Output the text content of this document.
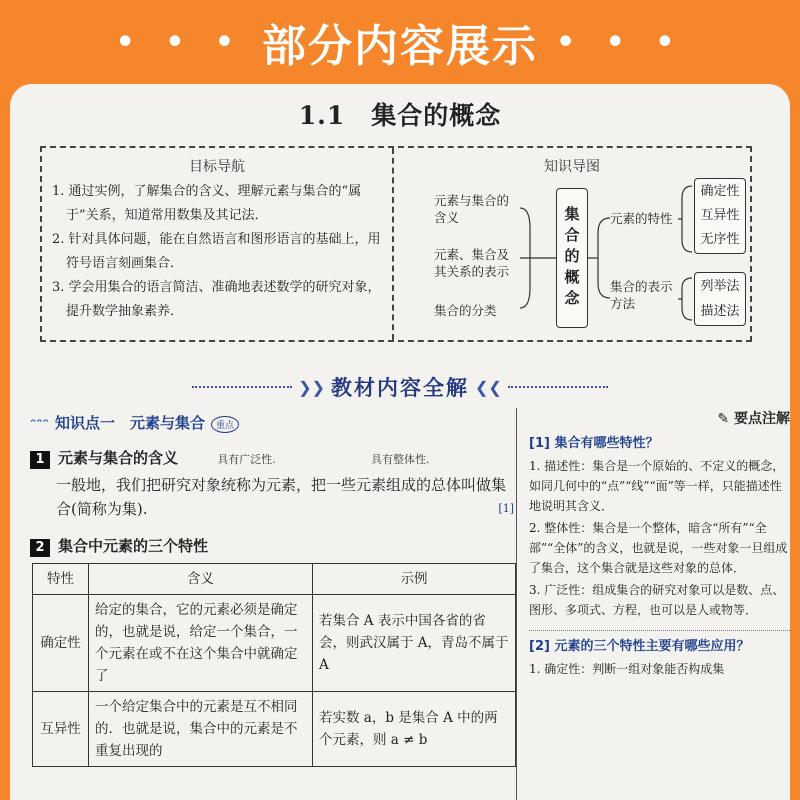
• • • 部分内容展示 • • •
1.1 集合的概念
目标导航	知识导图

1. 通过实例，了解集合的含义、理解元素与集合的“属于”关系，知道常用数集及其记法．

2. 针对具体问题，能在自然语言和图形语言的基础上，用符号语言刻画集合．

3. 学会用集合的语言简洁、准确地表述数学的研究对象，提升数学抽象素养．

元素与集合的含义
元素、集合及其关系的表示
集合的分类	集合的概念 元素的特性
集合的表示方法
确定性
互异性
无序性
列举法
描述法
❯❯ 教材内容全解 ❮❮
ᵔᵔᵔ 知识点一　元素与集合 重点
1 元素与集合的含义	具有广泛性.	具有整体性.
一般地，我们把研究对象统称为元素，把一些元素组成的总体叫做集合(简称为集).	[1]
2 集合中元素的三个特性
特性	含义	示例
确定性	给定的集合，它的元素必须是确定的，也就是说，给定一个集合，一个元素在或不在这个集合中就确定了	若集合 A 表示中国各省的省会，则武汉属于 A，青岛不属于 A
互异性	一个给定集合中的元素是互不相同的．也就是说，集合中的元素是不重复出现的	若实数 a，b 是集合 A 中的两个元素，则 a ≠ b
✎ 要点注解
[1] 集合有哪些特性？
1. 描述性：集合是一个原始的、不定义的概念，如同几何中的“点”“线”“面”等一样，只能描述性地说明其含义．
2. 整体性：集合是一个整体，暗含“所有”“全部”“全体”的含义，也就是说，一些对象一旦组成了集合，这个集合就是这些对象的总体．
3. 广泛性：组成集合的研究对象可以是数、点、图形、多项式、方程，也可以是人或物等．
[2] 元素的三个特性主要有哪些应用？
1. 确定性：判断一组对象能否构成集
